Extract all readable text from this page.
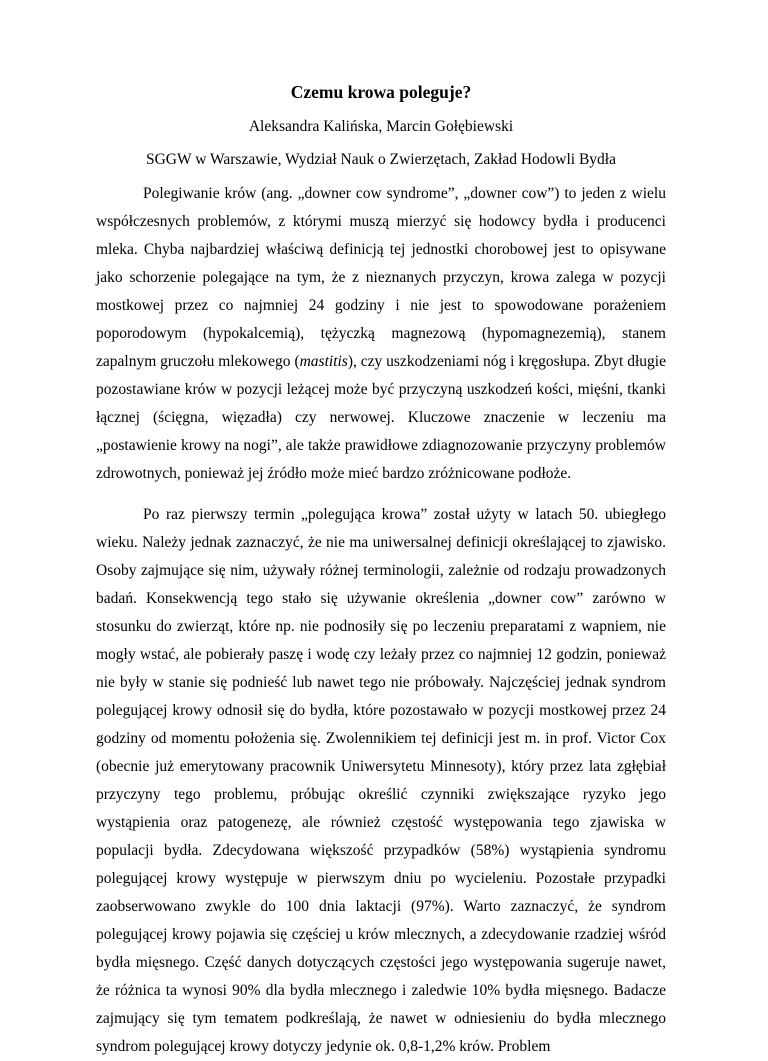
Czemu krowa poleguje?
Aleksandra Kalińska, Marcin Gołębiewski
SGGW w Warszawie, Wydział Nauk o Zwierzętach, Zakład Hodowli Bydła

Polegiwanie krów (ang. „downer cow syndrome”, „downer cow”) to jeden z wielu współczesnych problemów, z którymi muszą mierzyć się hodowcy bydła i producenci mleka. Chyba najbardziej właściwą definicją tej jednostki chorobowej jest to opisywane jako schorzenie polegające na tym, że z nieznanych przyczyn, krowa zalega w pozycji mostkowej przez co najmniej 24 godziny i nie jest to spowodowane porażeniem poporodowym (hypokalcemią), tężyczką magnezową (hypomagnezemią), stanem zapalnym gruczołu mlekowego (mastitis), czy uszkodzeniami nóg i kręgosłupa. Zbyt długie pozostawiane krów w pozycji leżącej może być przyczyną uszkodzeń kości, mięśni, tkanki łącznej (ścięgna, więzadła) czy nerwowej. Kluczowe znaczenie w leczeniu ma „postawienie krowy na nogi”, ale także prawidłowe zdiagnozowanie przyczyny problemów zdrowotnych, ponieważ jej źródło może mieć bardzo zróżnicowane podłoże.

Po raz pierwszy termin „polegująca krowa” został użyty w latach 50. ubiegłego wieku. Należy jednak zaznaczyć, że nie ma uniwersalnej definicji określającej to zjawisko. Osoby zajmujące się nim, używały różnej terminologii, zależnie od rodzaju prowadzonych badań. Konsekwencją tego stało się używanie określenia „downer cow” zarówno w stosunku do zwierząt, które np. nie podnosiły się po leczeniu preparatami z wapniem, nie mogły wstać, ale pobierały paszę i wodę czy leżały przez co najmniej 12 godzin, ponieważ nie były w stanie się podnieść lub nawet tego nie próbowały. Najczęściej jednak syndrom polegującej krowy odnosił się do bydła, które pozostawało w pozycji mostkowej przez 24 godziny od momentu położenia się. Zwolennikiem tej definicji jest m. in prof. Victor Cox (obecnie już emerytowany pracownik Uniwersytetu Minnesoty), który przez lata zgłębiał przyczyny tego problemu, próbując określić czynniki zwiększające ryzyko jego wystąpienia oraz patogenezę, ale również częstość występowania tego zjawiska w populacji bydła. Zdecydowana większość przypadków (58%) wystąpienia syndromu polegującej krowy występuje w pierwszym dniu po wycieleniu. Pozostałe przypadki zaobserwowano zwykle do 100 dnia laktacji (97%). Warto zaznaczyć, że syndrom polegującej krowy pojawia się częściej u krów mlecznych, a zdecydowanie rzadziej wśród bydła mięsnego. Część danych dotyczących częstości jego występowania sugeruje nawet, że różnica ta wynosi 90% dla bydła mlecznego i zaledwie 10% bydła mięsnego. Badacze zajmujący się tym tematem podkreślają, że nawet w odniesieniu do bydła mlecznego syndrom polegującej krowy dotyczy jedynie ok. 0,8-1,2% krów. Problem
